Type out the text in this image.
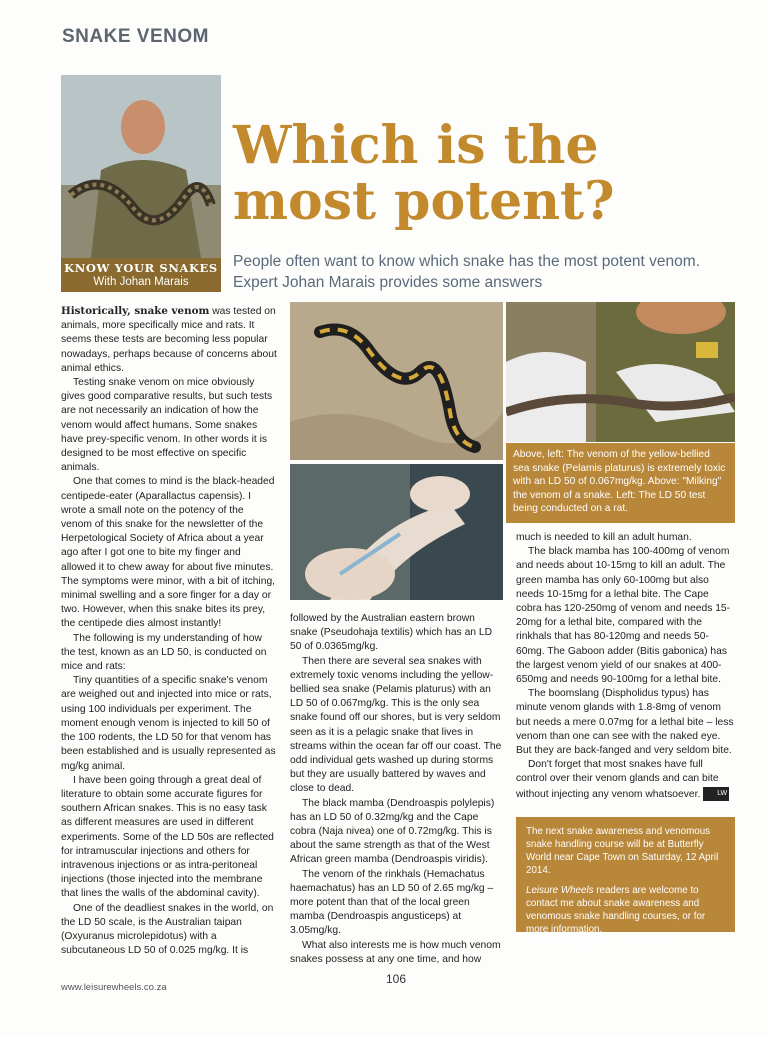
SNAKE VENOM
KNOW YOUR SNAKES
With Johan Marais
Which is the
most potent?
People often want to know which snake has the most potent venom. Expert Johan Marais provides some answers

Historically, snake venom was tested on animals, more specifically mice and rats. It seems these tests are becoming less popular nowadays, perhaps because of concerns about animal ethics.

Testing snake venom on mice obviously gives good comparative results, but such tests are not necessarily an indication of how the venom would affect humans. Some snakes have prey-specific venom. In other words it is designed to be most effective on specific animals.

One that comes to mind is the black-headed centipede-eater (Aparallactus capensis). I wrote a small note on the potency of the venom of this snake for the newsletter of the Herpetological Society of Africa about a year ago after I got one to bite my finger and allowed it to chew away for about five minutes. The symptoms were minor, with a bit of itching, minimal swelling and a sore finger for a day or two. However, when this snake bites its prey, the centipede dies almost instantly!

The following is my understanding of how the test, known as an LD 50, is conducted on mice and rats:

Tiny quantities of a specific snake's venom are weighed out and injected into mice or rats, using 100 individuals per experiment. The moment enough venom is injected to kill 50 of the 100 rodents, the LD 50 for that venom has been established and is usually represented as mg/kg animal.

I have been going through a great deal of literature to obtain some accurate figures for southern African snakes. This is no easy task as different measures are used in different experiments. Some of the LD 50s are reflected for intramuscular injections and others for intravenous injections or as intra-peritoneal injections (those injected into the membrane that lines the walls of the abdominal cavity).

One of the deadliest snakes in the world, on the LD 50 scale, is the Australian taipan (Oxyuranus microlepidotus) with a subcutaneous LD 50 of 0.025 mg/kg. It is

Above, left: The venom of the yellow-bellied sea snake (Pelamis platurus) is extremely toxic with an LD 50 of 0.067mg/kg. Above: "Milking" the venom of a snake. Left: The LD 50 test being conducted on a rat.

followed by the Australian eastern brown snake (Pseudohaja textilis) which has an LD 50 of 0.0365mg/kg.

Then there are several sea snakes with extremely toxic venoms including the yellow-bellied sea snake (Pelamis platurus) with an LD 50 of 0.067mg/kg. This is the only sea snake found off our shores, but is very seldom seen as it is a pelagic snake that lives in streams within the ocean far off our coast. The odd individual gets washed up during storms but they are usually battered by waves and close to dead.

The black mamba (Dendroaspis polylepis) has an LD 50 of 0.32mg/kg and the Cape cobra (Naja nivea) one of 0.72mg/kg. This is about the same strength as that of the West African green mamba (Dendroaspis viridis).

The venom of the rinkhals (Hemachatus haemachatus) has an LD 50 of 2.65 mg/kg – more potent than that of the local green mamba (Dendroaspis angusticeps) at 3.05mg/kg.

What also interests me is how much venom snakes possess at any one time, and how

much is needed to kill an adult human.

The black mamba has 100-400mg of venom and needs about 10-15mg to kill an adult. The green mamba has only 60-100mg but also needs 10-15mg for a lethal bite. The Cape cobra has 120-250mg of venom and needs 15-20mg for a lethal bite, compared with the rinkhals that has 80-120mg and needs 50-60mg. The Gaboon adder (Bitis gabonica) has the largest venom yield of our snakes at 400-650mg and needs 90-100mg for a lethal bite.

The boomslang (Dispholidus typus) has minute venom glands with 1.8-8mg of venom but needs a mere 0.07mg for a lethal bite – less venom than one can see with the naked eye. But they are back-fanged and very seldom bite.

Don't forget that most snakes have full control over their venom glands and can bite without injecting any venom whatsoever. LW

The next snake awareness and venomous snake handling course will be at Butterfly World near Cape Town on Saturday, 12 April 2014.

Leisure Wheels readers are welcome to contact me about snake awareness and venomous snake handling courses, or for more information. johan@africansnakebiteinstitute.com

www.leisurewheels.co.za
106
